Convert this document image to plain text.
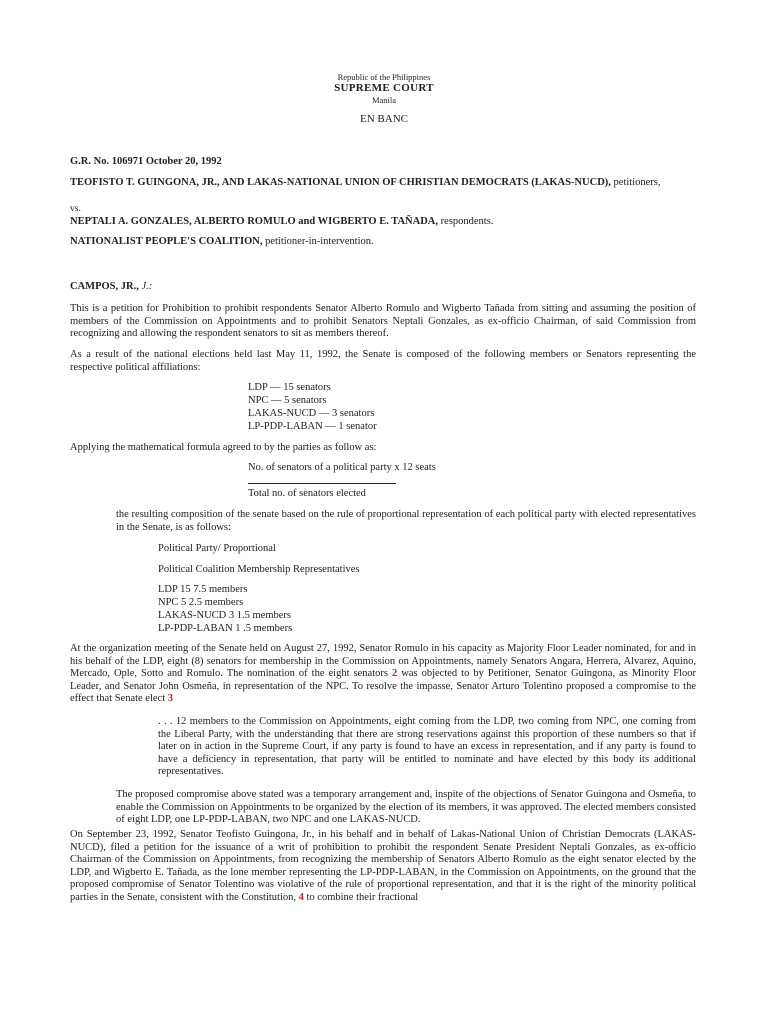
Republic of the Philippines
SUPREME COURT
Manila
EN BANC
G.R. No. 106971 October 20, 1992
TEOFISTO T. GUINGONA, JR., AND LAKAS-NATIONAL UNION OF CHRISTIAN DEMOCRATS (LAKAS-NUCD), petitioners,
vs.
NEPTALI A. GONZALES, ALBERTO ROMULO and WIGBERTO E. TAÑADA, respondents.
NATIONALIST PEOPLE'S COALITION, petitioner-in-intervention.
CAMPOS, JR., J.:
This is a petition for Prohibition to prohibit respondents Senator Alberto Romulo and Wigberto Tañada from sitting and assuming the position of members of the Commission on Appointments and to prohibit Senators Neptali Gonzales, as ex-officio Chairman, of said Commission from recognizing and allowing the respondent senators to sit as members thereof.
As a result of the national elections held last May 11, 1992, the Senate is composed of the following members or Senators representing the respective political affiliations:
LDP — 15 senators
NPC — 5 senators
LAKAS-NUCD — 3 senators
LP-PDP-LABAN — 1 senator
Applying the mathematical formula agreed to by the parties as follow as:
No. of senators of a political party x 12 seats
Total no. of senators elected
the resulting composition of the senate based on the rule of proportional representation of each political party with elected representatives in the Senate, is as follows:
Political Party/ Proportional
Political Coalition Membership Representatives
LDP 15 7.5 members
NPC 5 2.5 members
LAKAS-NUCD 3 1.5 members
LP-PDP-LABAN 1 .5 members
At the organization meeting of the Senate held on August 27, 1992, Senator Romulo in his capacity as Majority Floor Leader nominated, for and in his behalf of the LDP, eight (8) senators for membership in the Commission on Appointments, namely Senators Angara, Herrera, Alvarez, Aquino, Mercado, Ople, Sotto and Romulo. The nomination of the eight senators 2 was objected to by Petitioner, Senator Guingona, as Minority Floor Leader, and Senator John Osmeña, in representation of the NPC. To resolve the impasse, Senator Arturo Tolentino proposed a compromise to the effect that Senate elect 3
. . . 12 members to the Commission on Appointments, eight coming from the LDP, two coming from NPC, one coming from the Liberal Party, with the understanding that there are strong reservations against this proportion of these numbers so that if later on in action in the Supreme Court, if any party is found to have an excess in representation, and if any party is found to have a deficiency in representation, that party will be entitled to nominate and have elected by this body its additional representatives.
The proposed compromise above stated was a temporary arrangement and, inspite of the objections of Senator Guingona and Osmeña, to enable the Commission on Appointments to be organized by the election of its members, it was approved. The elected members consisted of eight LDP, one LP-PDP-LABAN, two NPC and one LAKAS-NUCD.
On September 23, 1992, Senator Teofisto Guingona, Jr., in his behalf and in behalf of Lakas-National Union of Christian Democrats (LAKAS-NUCD), filed a petition for the issuance of a writ of prohibition to prohibit the respondent Senate President Neptali Gonzales, as ex-officio Chairman of the Commission on Appointments, from recognizing the membership of Senators Alberto Romulo as the eight senator elected by the LDP, and Wigberto E. Tañada, as the lone member representing the LP-PDP-LABAN, in the Commission on Appointments, on the ground that the proposed compromise of Senator Tolentino was violative of the rule of proportional representation, and that it is the right of the minority political parties in the Senate, consistent with the Constitution, 4 to combine their fractional
